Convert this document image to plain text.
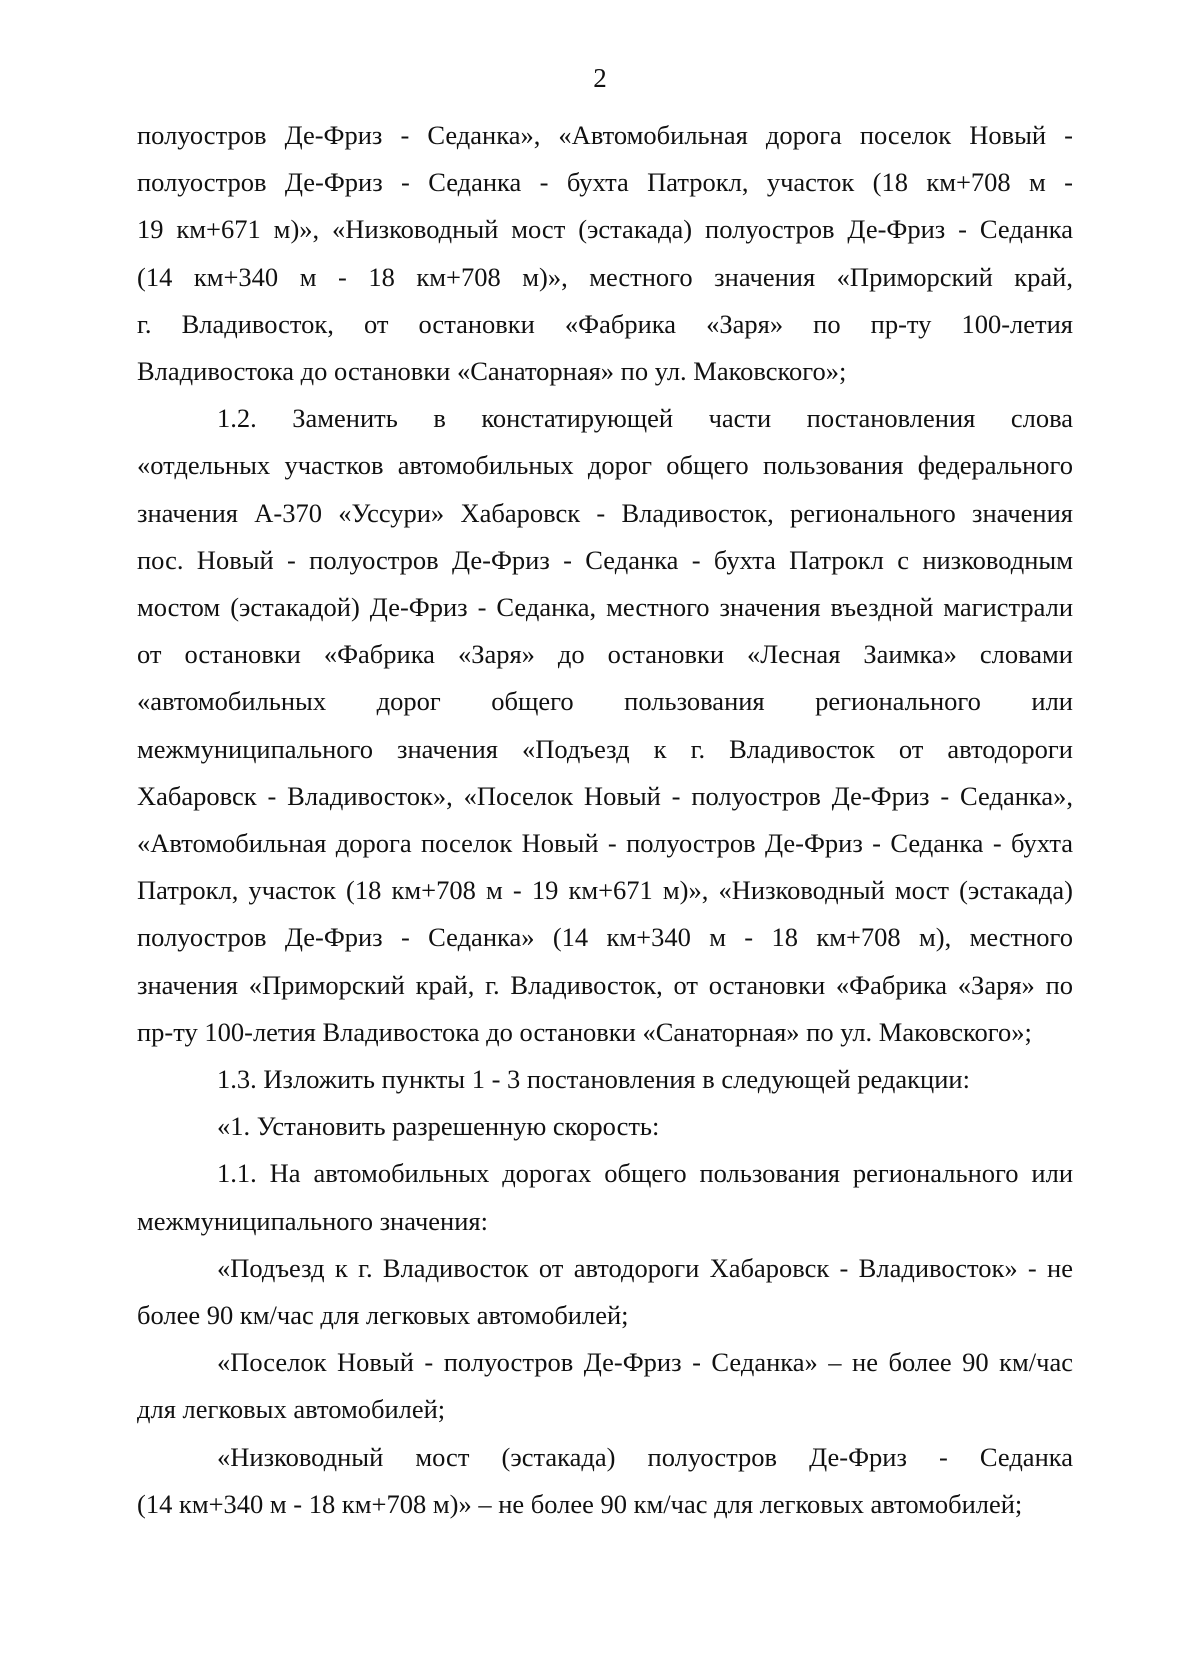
2

полуостров Де-Фриз - Седанка», «Автомобильная дорога поселок Новый -

полуостров Де-Фриз - Седанка - бухта Патрокл, участок (18 км+708 м -

19 км+671 м)», «Низководный мост (эстакада) полуостров Де-Фриз - Седанка

(14 км+340 м - 18 км+708 м)», местного значения «Приморский край,

г. Владивосток, от остановки «Фабрика «Заря» по пр-ту 100-летия

Владивостока до остановки «Санаторная» по ул. Маковского»;

1.2. Заменить в констатирующей части постановления слова

«отдельных участков автомобильных дорог общего пользования федерального

значения А-370 «Уссури» Хабаровск - Владивосток, регионального значения

пос. Новый - полуостров Де-Фриз - Седанка - бухта Патрокл с низководным

мостом (эстакадой) Де-Фриз - Седанка, местного значения въездной магистрали

от остановки «Фабрика «Заря» до остановки «Лесная Заимка» словами

«автомобильных дорог общего пользования регионального или

межмуниципального значения «Подъезд к г. Владивосток от автодороги

Хабаровск - Владивосток», «Поселок Новый - полуостров Де-Фриз - Седанка»,

«Автомобильная дорога поселок Новый - полуостров Де-Фриз - Седанка - бухта

Патрокл, участок (18 км+708 м - 19 км+671 м)», «Низководный мост (эстакада)

полуостров Де-Фриз - Седанка» (14 км+340 м - 18 км+708 м), местного

значения «Приморский край, г. Владивосток, от остановки «Фабрика «Заря» по

пр-ту 100-летия Владивостока до остановки «Санаторная» по ул. Маковского»;

1.3. Изложить пункты 1 - 3 постановления в следующей редакции:

«1. Установить разрешенную скорость:

1.1. На автомобильных дорогах общего пользования регионального или

межмуниципального значения:

«Подъезд к г. Владивосток от автодороги Хабаровск - Владивосток» - не

более 90 км/час для легковых автомобилей;

«Поселок Новый - полуостров Де-Фриз - Седанка» – не более 90 км/час

для легковых автомобилей;

«Низководный мост (эстакада) полуостров Де-Фриз - Седанка

(14 км+340 м - 18 км+708 м)» – не более 90 км/час для легковых автомобилей;
